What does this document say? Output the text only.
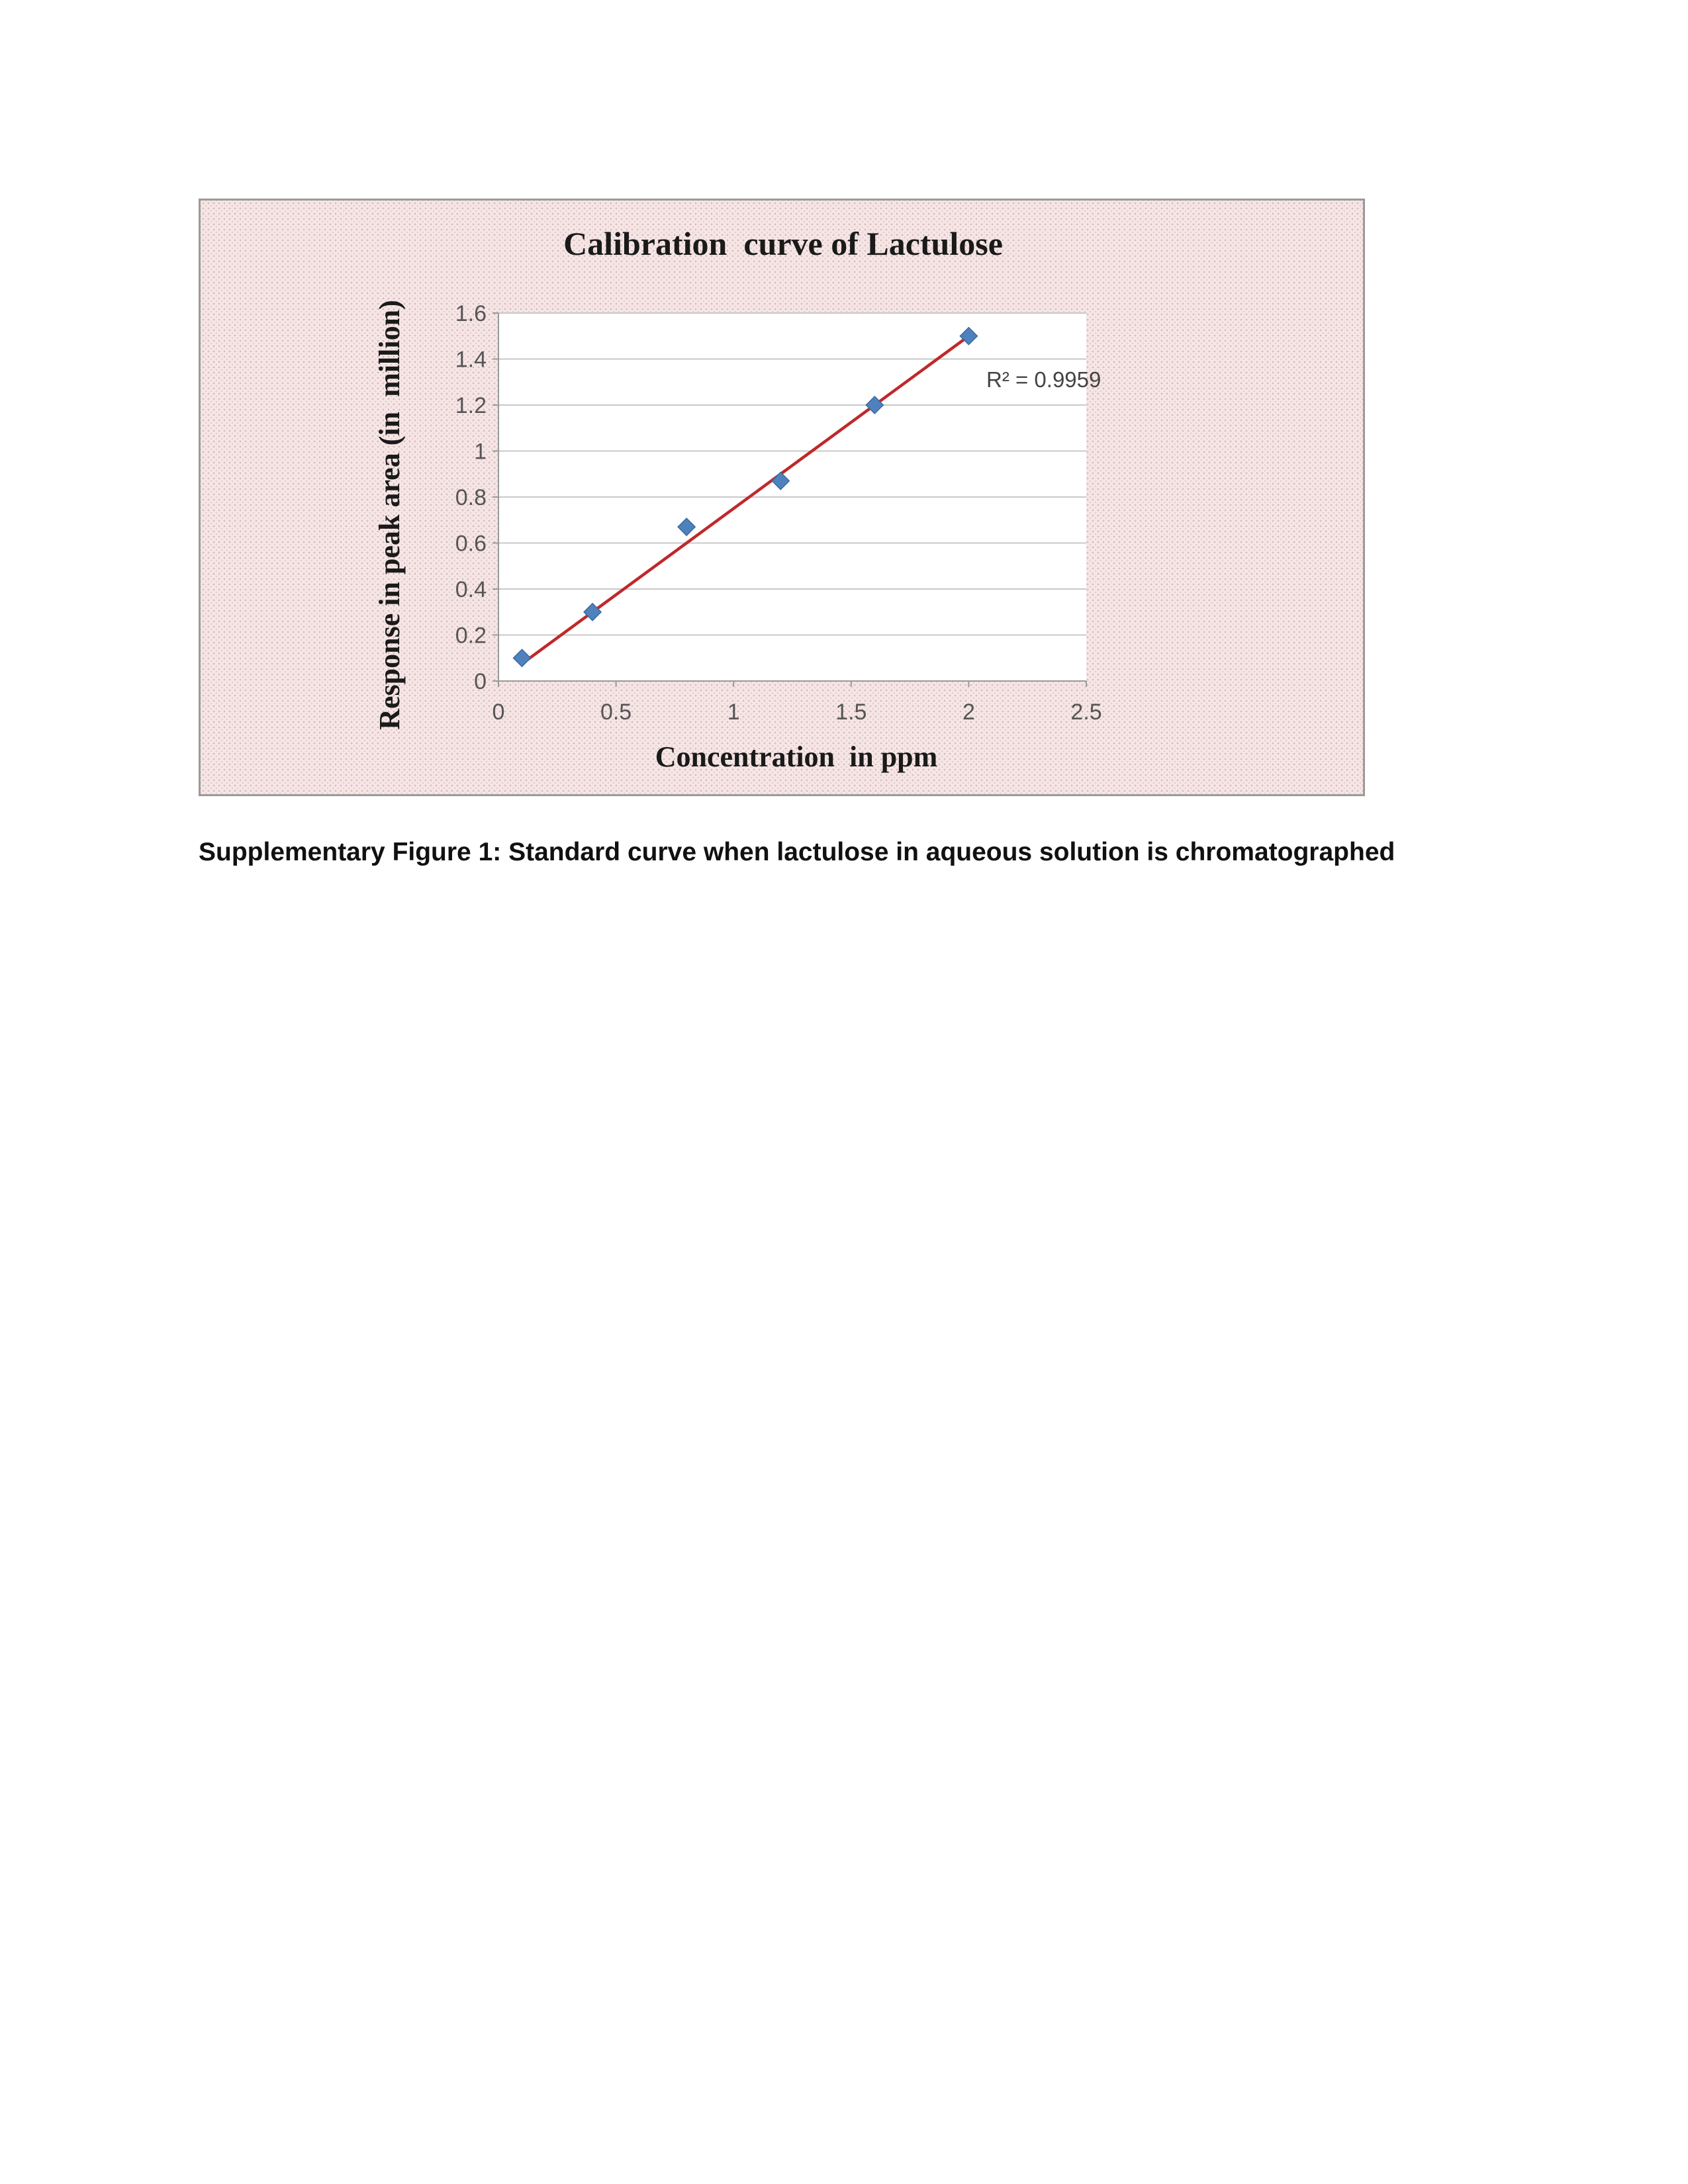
Calibration  curve of Lactulose
0
0.2
0.4
0.6
0.8
1
1.2
1.4
1.6
0	0.5	1	1.5	2	2.5
R² = 0.9959
Concentration  in ppm
Response in peak area (in  million)
Supplementary Figure 1: Standard curve when lactulose in aqueous solution is chromatographed
